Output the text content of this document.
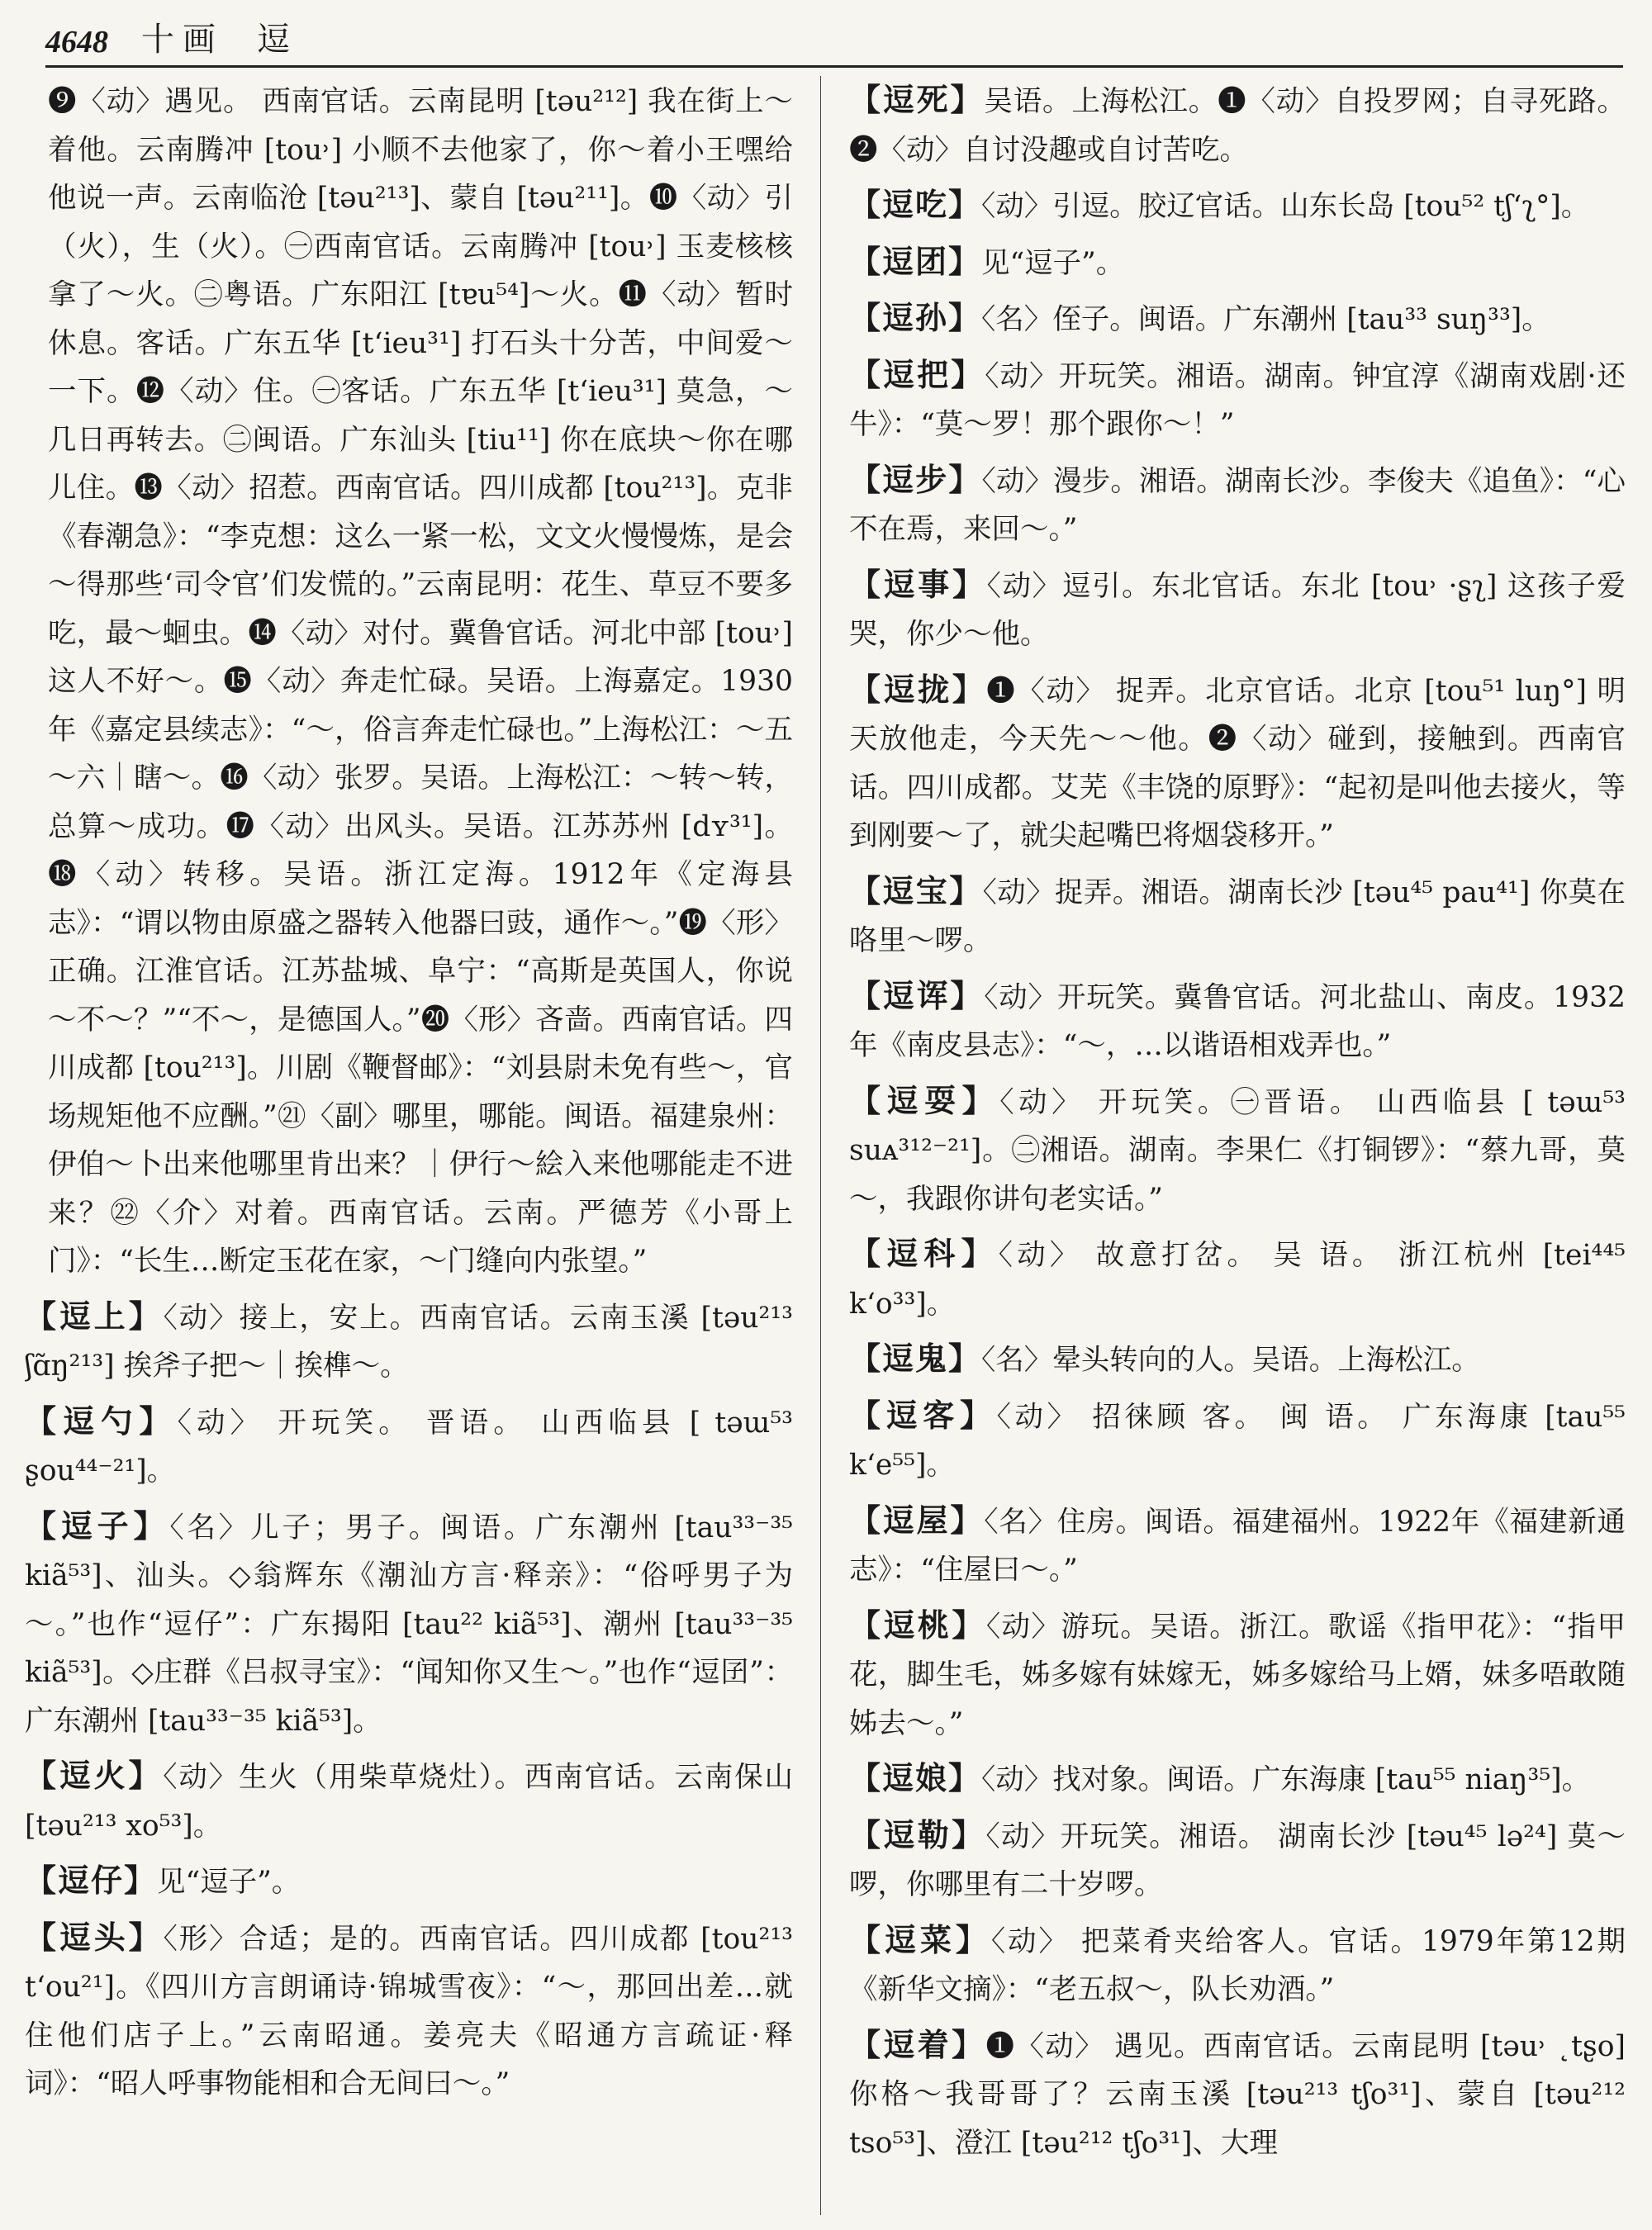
4648 十画 逗

❾〈动〉遇见。 西南官话。云南昆明 [təu²¹²] 我在街上～着他。云南腾冲 [tou˒] 小顺不去他家了，你～着小王嘿给他说一声。云南临沧 [təu²¹³]、蒙自 [təu²¹¹]。❿〈动〉引（火），生（火）。㊀西南官话。云南腾冲 [tou˒] 玉麦核核拿了～火。㊁粤语。广东阳江 [tɐu⁵⁴]～火。⓫〈动〉暂时休息。客话。广东五华 [tʻieu³¹] 打石头十分苦，中间爱～一下。⓬〈动〉住。㊀客话。广东五华 [tʻieu³¹] 莫急，～几日再转去。㊁闽语。广东汕头 [tiu¹¹] 你在底块～你在哪儿住。⓭〈动〉招惹。西南官话。四川成都 [tou²¹³]。克非《春潮急》：“李克想：这么一紧一松，文文火慢慢炼，是会～得那些‘司令官’们发慌的。”云南昆明：花生、草豆不要多吃，最～蛔虫。⓮〈动〉对付。冀鲁官话。河北中部 [tou˒] 这人不好～。⓯〈动〉奔走忙碌。吴语。上海嘉定。1930年《嘉定县续志》：“～，俗言奔走忙碌也。”上海松江：～五～六｜瞎～。⓰〈动〉张罗。吴语。上海松江：～转～转，总算～成功。⓱〈动〉出风头。吴语。江苏苏州 [dʏ³¹]。⓲〈动〉转移。吴语。浙江定海。1912年《定海县志》：“谓以物由原盛之器转入他器曰豉，通作～。”⓳〈形〉正确。江淮官话。江苏盐城、阜宁：“高斯是英国人，你说～不～？”“不～，是德国人。”⓴〈形〉吝啬。西南官话。四川成都 [tou²¹³]。川剧《鞭督邮》：“刘县尉未免有些～，官场规矩他不应酬。”㉑〈副〉哪里，哪能。闽语。福建泉州：伊㑑～卜出来他哪里肯出来？｜伊行～絵入来他哪能走不进来？㉒〈介〉对着。西南官话。云南。严德芳《小哥上门》：“长生…断定玉花在家，～门缝向内张望。”

【逗上】〈动〉接上，安上。西南官话。云南玉溪 [təu²¹³ ʃɑ̃ŋ²¹³] 挨斧子把～｜挨榫～。

【逗勺】〈动〉 开玩笑。 晋语。 山西临县 [ təɯ⁵³ ʂou⁴⁴⁻²¹]。

【逗子】〈名〉儿子；男子。闽语。广东潮州 [tau³³⁻³⁵ kiã⁵³]、汕头。◇翁辉东《潮汕方言·释亲》：“俗呼男子为～。”也作“逗仔”：广东揭阳 [tau²² kiã⁵³]、潮州 [tau³³⁻³⁵ kiã⁵³]。◇庄群《吕叔寻宝》：“闻知你又生～。”也作“逗囝”：广东潮州 [tau³³⁻³⁵ kiã⁵³]。

【逗火】〈动〉生火（用柴草烧灶）。西南官话。云南保山 [təu²¹³ xo⁵³]。

【逗仔】见“逗子”。

【逗头】〈形〉合适；是的。西南官话。四川成都 [tou²¹³ tʻou²¹]。《四川方言朗诵诗·锦城雪夜》：“～，那回出差…就住他们店子上。”云南昭通。姜亮夫《昭通方言疏证·释词》：“昭人呼事物能相和合无间曰～。”

【逗死】吴语。上海松江。❶〈动〉自投罗网；自寻死路。❷〈动〉自讨没趣或自讨苦吃。

【逗吃】〈动〉引逗。胶辽官话。山东长岛 [tou⁵² tʃʻʅ°]。

【逗团】见“逗子”。

【逗孙】〈名〉侄子。闽语。广东潮州 [tau³³ suŋ³³]。

【逗把】〈动〉开玩笑。湘语。湖南。钟宜淳《湖南戏剧·还牛》：“莫～罗！那个跟你～！”

【逗步】〈动〉漫步。湘语。湖南长沙。李俊夫《追鱼》：“心不在焉，来回～。”

【逗事】〈动〉逗引。东北官话。东北 [tou˒ ·ʂʅ] 这孩子爱哭，你少～他。

【逗拢】❶〈动〉 捉弄。北京官话。北京 [tou⁵¹ luŋ°] 明天放他走，今天先～～他。❷〈动〉碰到，接触到。西南官话。四川成都。艾芜《丰饶的原野》：“起初是叫他去接火，等到刚要～了，就尖起嘴巴将烟袋移开。”

【逗宝】〈动〉捉弄。湘语。湖南长沙 [təu⁴⁵ pau⁴¹] 你莫在咯里～啰。

【逗诨】〈动〉开玩笑。冀鲁官话。河北盐山、南皮。1932年《南皮县志》：“～，…以谐语相戏弄也。”

【逗耍】〈动〉 开玩笑。㊀晋语。 山西临县 [ təɯ⁵³ suᴀ³¹²⁻²¹]。㊁湘语。湖南。李果仁《打铜锣》：“蔡九哥，莫～，我跟你讲句老实话。”

【逗科】〈动〉 故意打岔。 吴 语。 浙江杭州 [tei⁴⁴⁵ kʻo³³]。

【逗鬼】〈名〉晕头转向的人。吴语。上海松江。

【逗客】〈动〉 招徕顾 客。 闽 语。 广东海康 [tau⁵⁵ kʻe⁵⁵]。

【逗屋】〈名〉住房。闽语。福建福州。1922年《福建新通志》：“住屋曰～。”

【逗桃】〈动〉游玩。吴语。浙江。歌谣《指甲花》：“指甲花，脚生毛，姊多嫁有妹嫁无，姊多嫁给马上婿，妹多唔敢随姊去～。”

【逗娘】〈动〉找对象。闽语。广东海康 [tau⁵⁵ niaŋ³⁵]。

【逗勒】〈动〉开玩笑。湘语。 湖南长沙 [təu⁴⁵ lə²⁴] 莫～啰，你哪里有二十岁啰。

【逗菜】〈动〉 把菜肴夹给客人。官话。1979年第12期《新华文摘》：“老五叔～，队长劝酒。”

【逗着】❶〈动〉 遇见。西南官话。云南昆明 [təu˒ ˛tʂo] 你格～我哥哥了？云南玉溪 [təu²¹³ tʃo³¹]、蒙自 [təu²¹² tso⁵³]、澄江 [təu²¹² tʃo³¹]、大理
